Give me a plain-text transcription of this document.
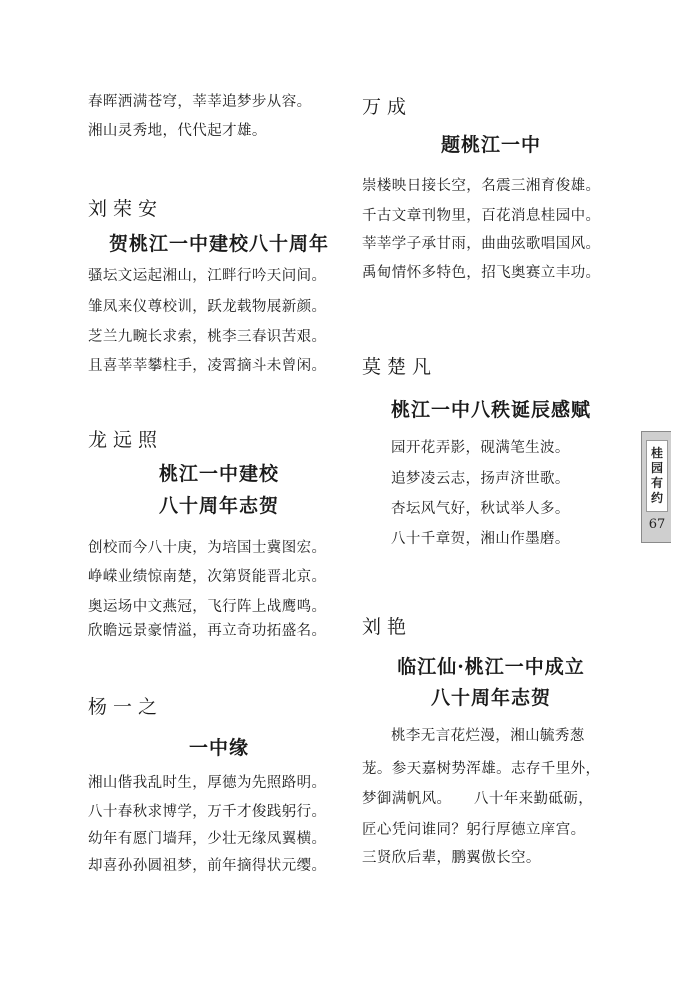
春晖洒满苍穹，莘莘追梦步从容。
湘山灵秀地，代代起才雄。
刘荣安
贺桃江一中建校八十周年
骚坛文运起湘山，江畔行吟天问间。
雏凤来仪尊校训，跃龙载物展新颜。
芝兰九畹长求索，桃李三春识苦艰。
且喜莘莘攀柱手，凌霄摘斗未曾闲。
龙远照
桃江一中建校
八十周年志贺
创校而今八十庚，为培国士冀图宏。
峥嵘业绩惊南楚，次第贤能晋北京。
奥运场中文燕冠，飞行阵上战鹰鸣。
欣瞻远景豪情溢，再立奇功拓盛名。
杨一之
一中缘
湘山偕我乱时生，厚德为先照路明。
八十春秋求博学，万千才俊践躬行。
幼年有愿门墙拜，少壮无缘凤翼横。
却喜孙孙圆祖梦，前年摘得状元缨。
万成
题桃江一中
崇楼映日接长空，名震三湘育俊雄。
千古文章刊物里，百花消息桂园中。
莘莘学子承甘雨，曲曲弦歌唱国风。
禹甸情怀多特色，招飞奥赛立丰功。
莫楚凡
桃江一中八秩诞辰感赋
园开花弄影，砚满笔生波。
追梦凌云志，扬声济世歌。
杏坛风气好，秋试举人多。
八十千章贺，湘山作墨磨。
刘艳
临江仙·桃江一中成立
八十周年志贺
桃李无言花烂漫，湘山毓秀葱
茏。参天嘉树势浑雄。志存千里外，
梦御满帆风。　　八十年来勤砥砺，
匠心凭问谁同？躬行厚德立庠宫。
三贤欣后辈，鹏翼傲长空。
桂
园
有
约
67
